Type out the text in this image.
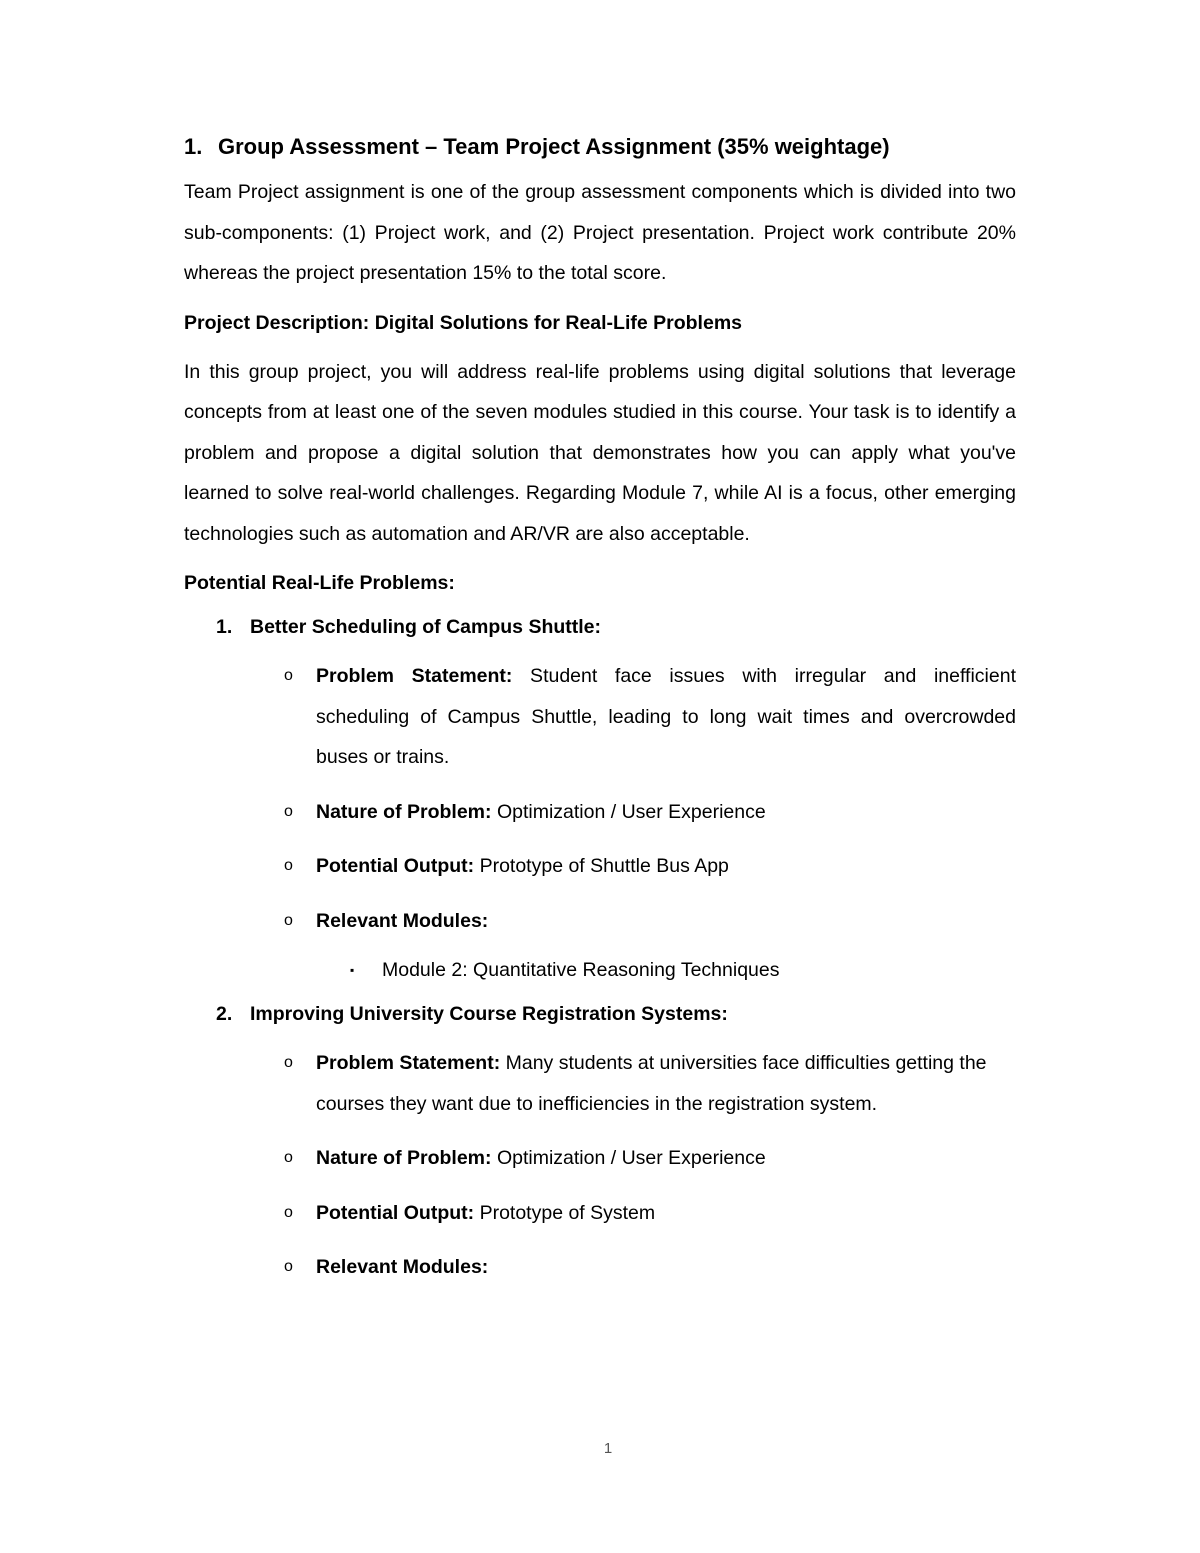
1. Group Assessment – Team Project Assignment (35% weightage)

Team Project assignment is one of the group assessment components which is divided into two sub-components: (1) Project work, and (2) Project presentation. Project work contribute 20% whereas the project presentation 15% to the total score.

Project Description: Digital Solutions for Real-Life Problems

In this group project, you will address real-life problems using digital solutions that leverage concepts from at least one of the seven modules studied in this course. Your task is to identify a problem and propose a digital solution that demonstrates how you can apply what you've learned to solve real-world challenges. Regarding Module 7, while AI is a focus, other emerging technologies such as automation and AR/VR are also acceptable.

Potential Real-Life Problems:
1. Better Scheduling of Campus Shuttle:
o	Problem Statement: Student face issues with irregular and inefficient scheduling of Campus Shuttle, leading to long wait times and overcrowded buses or trains.
o	Nature of Problem: Optimization / User Experience
o	Potential Output: Prototype of Shuttle Bus App
o	Relevant Modules:
▪	Module 2: Quantitative Reasoning Techniques
2. Improving University Course Registration Systems:
o	Problem Statement: Many students at universities face difficulties getting the courses they want due to inefficiencies in the registration system.
o	Nature of Problem: Optimization / User Experience
o	Potential Output: Prototype of System
o	Relevant Modules:
1
